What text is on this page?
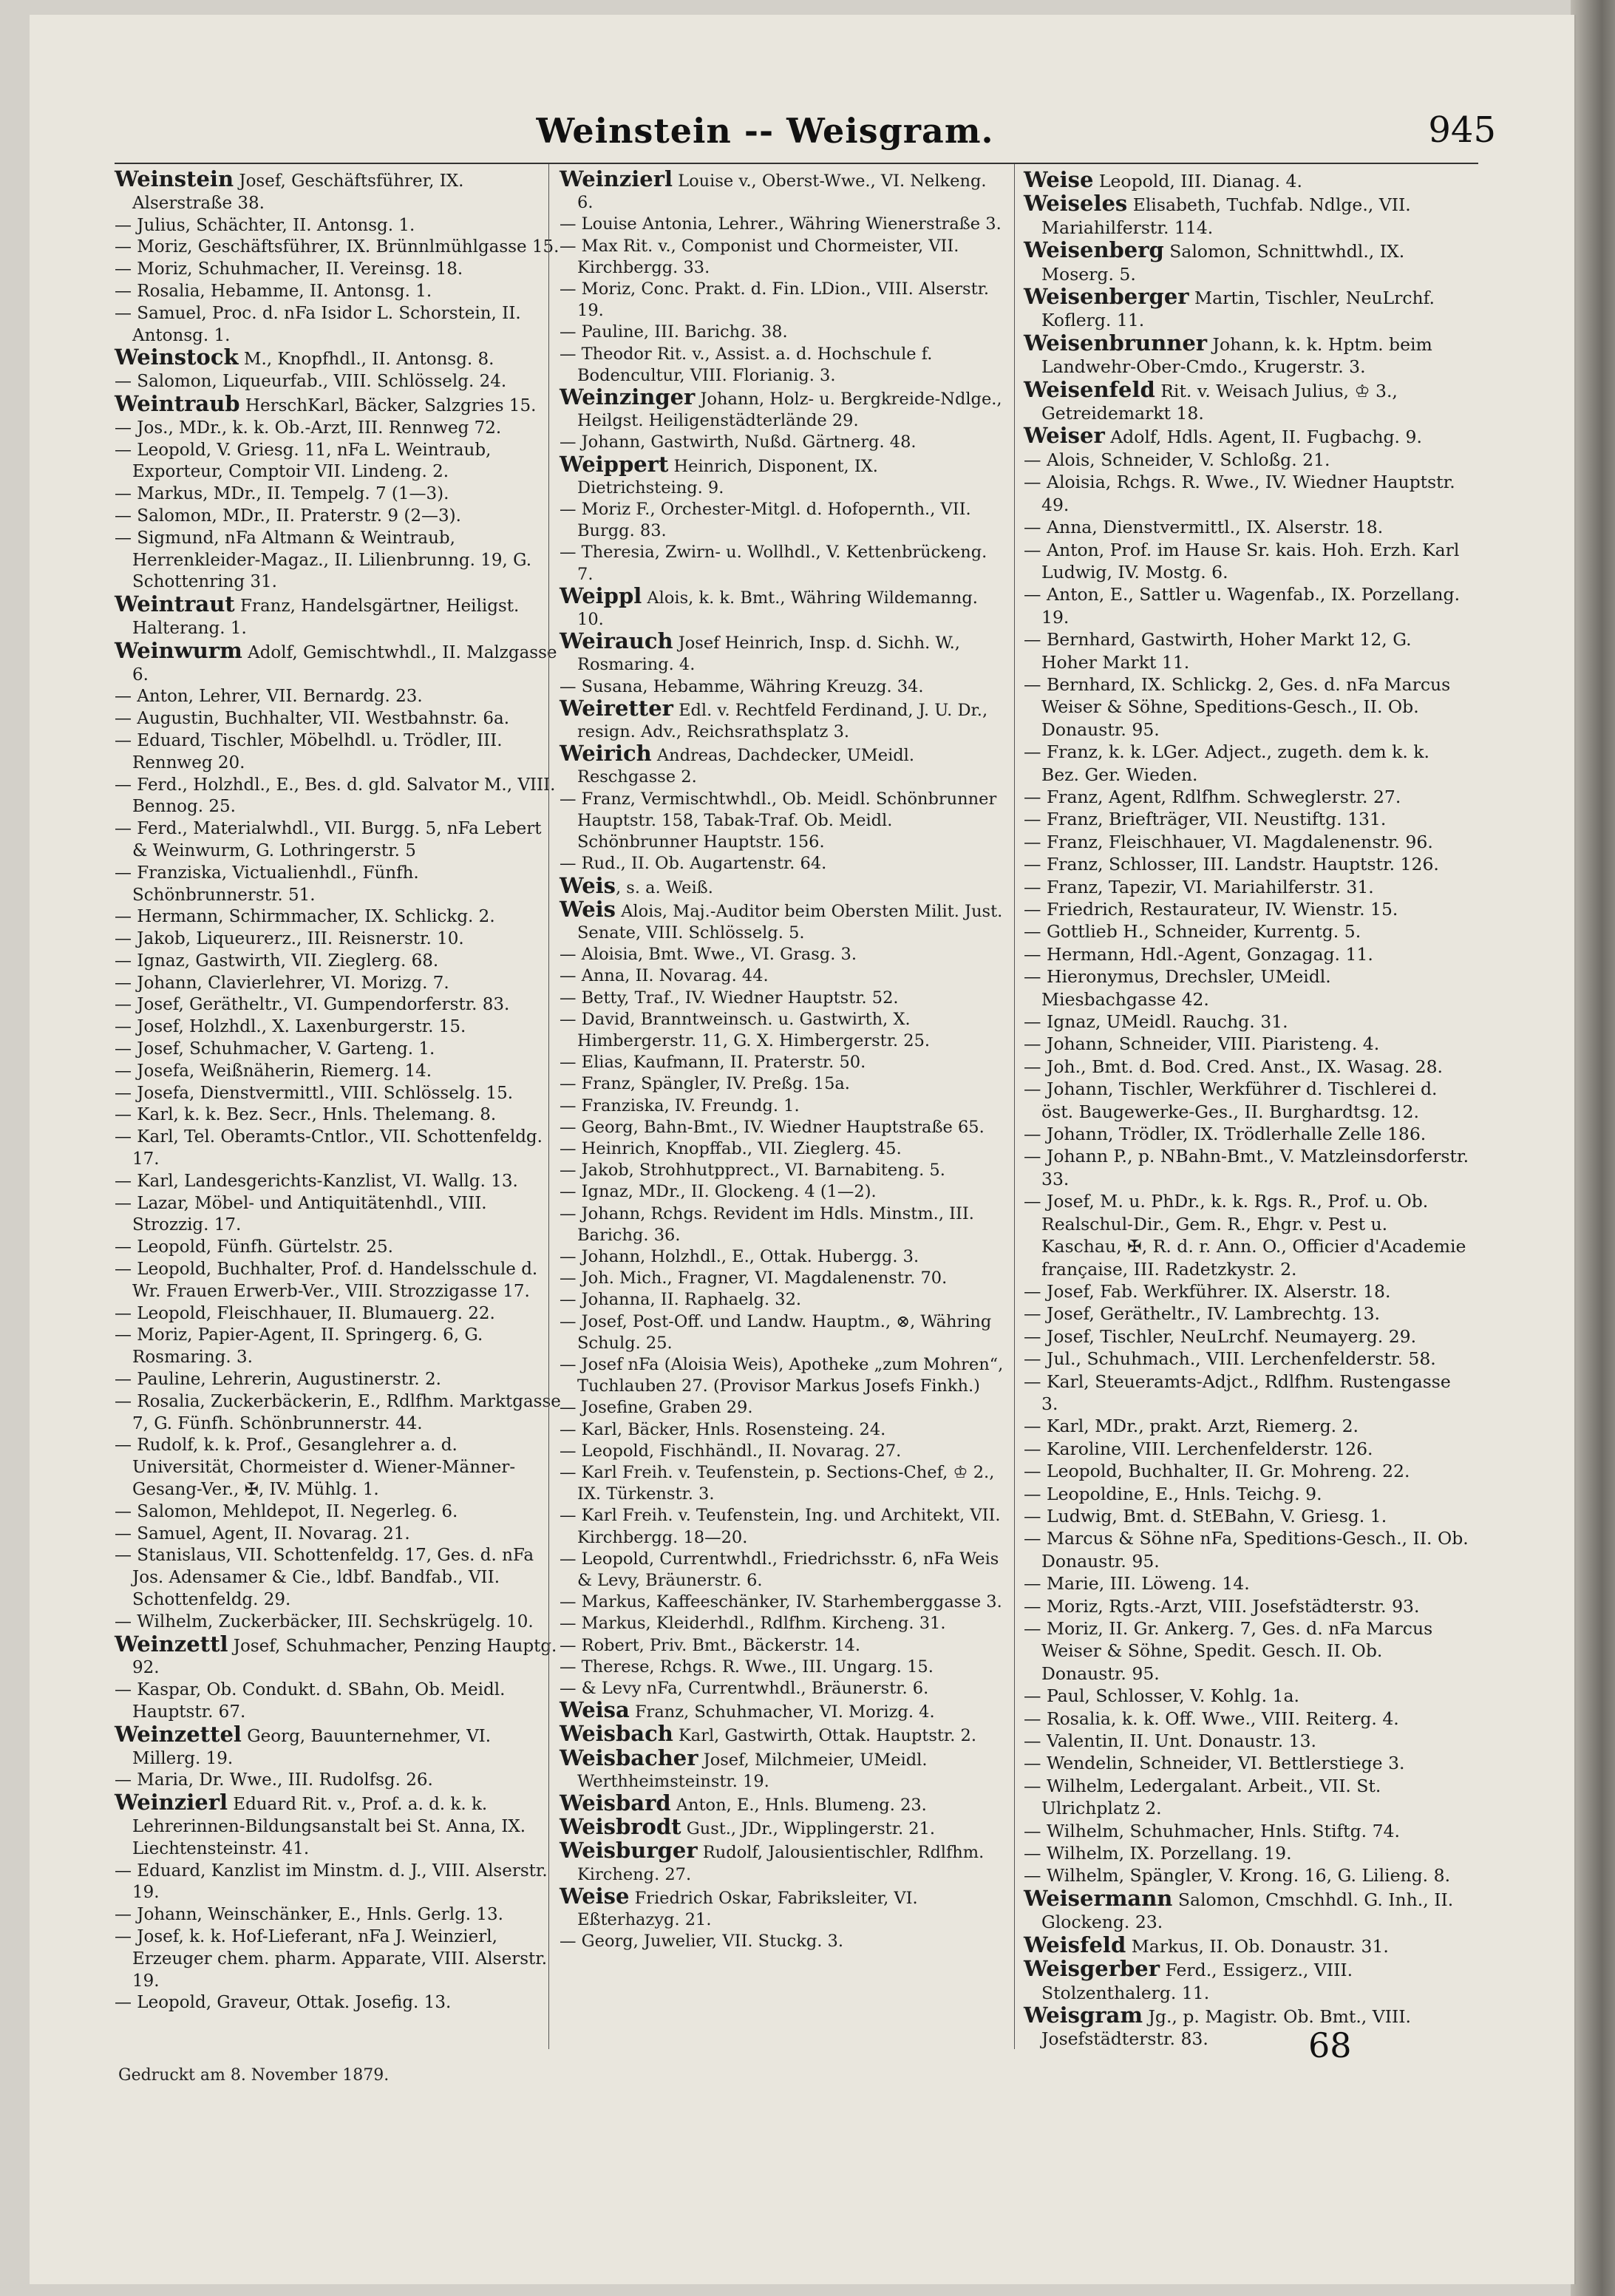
Weinstein -- Weisgram.	945

Weinstein Josef, Geschäftsführer, IX. Alserstraße 38.

— Julius, Schächter, II. Antonsg. 1.

— Moriz, Geschäftsführer, IX. Brünnlmühlgasse 15.

— Moriz, Schuhmacher, II. Vereinsg. 18.

— Rosalia, Hebamme, II. Antonsg. 1.

— Samuel, Proc. d. nFa Isidor L. Schorstein, II. Antonsg. 1.

Weinstock M., Knopfhdl., II. Antonsg. 8.

— Salomon, Liqueurfab., VIII. Schlösselg. 24.

Weintraub HerschKarl, Bäcker, Salzgries 15.

— Jos., MDr., k. k. Ob.-Arzt, III. Rennweg 72.

— Leopold, V. Griesg. 11, nFa L. Weintraub, Exporteur, Comptoir VII. Lindeng. 2.

— Markus, MDr., II. Tempelg. 7 (1—3).

— Salomon, MDr., II. Praterstr. 9 (2—3).

— Sigmund, nFa Altmann & Weintraub, Herrenkleider-Magaz., II. Lilienbrunng. 19, G. Schottenring 31.

Weintraut Franz, Handelsgärtner, Heiligst. Halterang. 1.

Weinwurm Adolf, Gemischtwhdl., II. Malzgasse 6.

— Anton, Lehrer, VII. Bernardg. 23.

— Augustin, Buchhalter, VII. Westbahnstr. 6a.

— Eduard, Tischler, Möbelhdl. u. Trödler, III. Rennweg 20.

— Ferd., Holzhdl., E., Bes. d. gld. Salvator M., VIII. Bennog. 25.

— Ferd., Materialwhdl., VII. Burgg. 5, nFa Lebert & Weinwurm, G. Lothringerstr. 5

— Franziska, Victualienhdl., Fünfh. Schönbrunnerstr. 51.

— Hermann, Schirmmacher, IX. Schlickg. 2.

— Jakob, Liqueurerz., III. Reisnerstr. 10.

— Ignaz, Gastwirth, VII. Zieglerg. 68.

— Johann, Clavierlehrer, VI. Morizg. 7.

— Josef, Gerätheltr., VI. Gumpendorferstr. 83.

— Josef, Holzhdl., X. Laxenburgerstr. 15.

— Josef, Schuhmacher, V. Garteng. 1.

— Josefa, Weißnäherin, Riemerg. 14.

— Josefa, Dienstvermittl., VIII. Schlösselg. 15.

— Karl, k. k. Bez. Secr., Hnls. Thelemang. 8.

— Karl, Tel. Oberamts-Cntlor., VII. Schottenfeldg. 17.

— Karl, Landesgerichts-Kanzlist, VI. Wallg. 13.

— Lazar, Möbel- und Antiquitätenhdl., VIII. Strozzig. 17.

— Leopold, Fünfh. Gürtelstr. 25.

— Leopold, Buchhalter, Prof. d. Handelsschule d. Wr. Frauen Erwerb-Ver., VIII. Strozzigasse 17.

— Leopold, Fleischhauer, II. Blumauerg. 22.

— Moriz, Papier-Agent, II. Springerg. 6, G. Rosmaring. 3.

— Pauline, Lehrerin, Augustinerstr. 2.

— Rosalia, Zuckerbäckerin, E., Rdlfhm. Marktgasse 7, G. Fünfh. Schönbrunnerstr. 44.

— Rudolf, k. k. Prof., Gesanglehrer a. d. Universität, Chormeister d. Wiener-Männer-Gesang-Ver., ✠, IV. Mühlg. 1.

— Salomon, Mehldepot, II. Negerleg. 6.

— Samuel, Agent, II. Novarag. 21.

— Stanislaus, VII. Schottenfeldg. 17, Ges. d. nFa Jos. Adensamer & Cie., ldbf. Bandfab., VII. Schottenfeldg. 29.

— Wilhelm, Zuckerbäcker, III. Sechskrügelg. 10.

Weinzettl Josef, Schuhmacher, Penzing Hauptg. 92.

— Kaspar, Ob. Condukt. d. SBahn, Ob. Meidl. Hauptstr. 67.

Weinzettel Georg, Bauunternehmer, VI. Millerg. 19.

— Maria, Dr. Wwe., III. Rudolfsg. 26.

Weinzierl Eduard Rit. v., Prof. a. d. k. k. Lehrerinnen-Bildungsanstalt bei St. Anna, IX. Liechtensteinstr. 41.

— Eduard, Kanzlist im Minstm. d. J., VIII. Alserstr. 19.

— Johann, Weinschänker, E., Hnls. Gerlg. 13.

— Josef, k. k. Hof-Lieferant, nFa J. Weinzierl, Erzeuger chem. pharm. Apparate, VIII. Alserstr. 19.

— Leopold, Graveur, Ottak. Josefig. 13.

Weinzierl Louise v., Oberst-Wwe., VI. Nelkeng. 6.

— Louise Antonia, Lehrer., Währing Wienerstraße 3.

— Max Rit. v., Componist und Chormeister, VII. Kirchbergg. 33.

— Moriz, Conc. Prakt. d. Fin. LDion., VIII. Alserstr. 19.

— Pauline, III. Barichg. 38.

— Theodor Rit. v., Assist. a. d. Hochschule f. Bodencultur, VIII. Florianig. 3.

Weinzinger Johann, Holz- u. Bergkreide-Ndlge., Heilgst. Heiligenstädterlände 29.

— Johann, Gastwirth, Nußd. Gärtnerg. 48.

Weippert Heinrich, Disponent, IX. Dietrichsteing. 9.

— Moriz F., Orchester-Mitgl. d. Hofopernth., VII. Burgg. 83.

— Theresia, Zwirn- u. Wollhdl., V. Kettenbrückeng. 7.

Weippl Alois, k. k. Bmt., Währing Wildemanng. 10.

Weirauch Josef Heinrich, Insp. d. Sichh. W., Rosmaring. 4.

— Susana, Hebamme, Währing Kreuzg. 34.

Weiretter Edl. v. Rechtfeld Ferdinand, J. U. Dr., resign. Adv., Reichsrathsplatz 3.

Weirich Andreas, Dachdecker, UMeidl. Reschgasse 2.

— Franz, Vermischtwhdl., Ob. Meidl. Schönbrunner Hauptstr. 158, Tabak-Traf. Ob. Meidl. Schönbrunner Hauptstr. 156.

— Rud., II. Ob. Augartenstr. 64.

Weis, s. a. Weiß.

Weis Alois, Maj.-Auditor beim Obersten Milit. Just. Senate, VIII. Schlösselg. 5.

— Aloisia, Bmt. Wwe., VI. Grasg. 3.

— Anna, II. Novarag. 44.

— Betty, Traf., IV. Wiedner Hauptstr. 52.

— David, Branntweinsch. u. Gastwirth, X. Himbergerstr. 11, G. X. Himbergerstr. 25.

— Elias, Kaufmann, II. Praterstr. 50.

— Franz, Spängler, IV. Preßg. 15a.

— Franziska, IV. Freundg. 1.

— Georg, Bahn-Bmt., IV. Wiedner Hauptstraße 65.

— Heinrich, Knopffab., VII. Zieglerg. 45.

— Jakob, Strohhutpprect., VI. Barnabiteng. 5.

— Ignaz, MDr., II. Glockeng. 4 (1—2).

— Johann, Rchgs. Revident im Hdls. Minstm., III. Barichg. 36.

— Johann, Holzhdl., E., Ottak. Hubergg. 3.

— Joh. Mich., Fragner, VI. Magdalenenstr. 70.

— Johanna, II. Raphaelg. 32.

— Josef, Post-Off. und Landw. Hauptm., ⊗, Währing Schulg. 25.

— Josef nFa (Aloisia Weis), Apotheke „zum Mohren“, Tuchlauben 27. (Provisor Markus Josefs Finkh.)

— Josefine, Graben 29.

— Karl, Bäcker, Hnls. Rosensteing. 24.

— Leopold, Fischhändl., II. Novarag. 27.

— Karl Freih. v. Teufenstein, p. Sections-Chef, ♔ 2., IX. Türkenstr. 3.

— Karl Freih. v. Teufenstein, Ing. und Architekt, VII. Kirchbergg. 18—20.

— Leopold, Currentwhdl., Friedrichsstr. 6, nFa Weis & Levy, Bräunerstr. 6.

— Markus, Kaffeeschänker, IV. Starhemberggasse 3.

— Markus, Kleiderhdl., Rdlfhm. Kircheng. 31.

— Robert, Priv. Bmt., Bäckerstr. 14.

— Therese, Rchgs. R. Wwe., III. Ungarg. 15.

— & Levy nFa, Currentwhdl., Bräunerstr. 6.

Weisa Franz, Schuhmacher, VI. Morizg. 4.

Weisbach Karl, Gastwirth, Ottak. Hauptstr. 2.

Weisbacher Josef, Milchmeier, UMeidl. Werthheimsteinstr. 19.

Weisbard Anton, E., Hnls. Blumeng. 23.

Weisbrodt Gust., JDr., Wipplingerstr. 21.

Weisburger Rudolf, Jalousientischler, Rdlfhm. Kircheng. 27.

Weise Friedrich Oskar, Fabriksleiter, VI. Eßterhazyg. 21.

— Georg, Juwelier, VII. Stuckg. 3.

Weise Leopold, III. Dianag. 4.

Weiseles Elisabeth, Tuchfab. Ndlge., VII. Mariahilferstr. 114.

Weisenberg Salomon, Schnittwhdl., IX. Moserg. 5.

Weisenberger Martin, Tischler, NeuLrchf. Koflerg. 11.

Weisenbrunner Johann, k. k. Hptm. beim Landwehr-Ober-Cmdo., Krugerstr. 3.

Weisenfeld Rit. v. Weisach Julius, ♔ 3., Getreidemarkt 18.

Weiser Adolf, Hdls. Agent, II. Fugbachg. 9.

— Alois, Schneider, V. Schloßg. 21.

— Aloisia, Rchgs. R. Wwe., IV. Wiedner Hauptstr. 49.

— Anna, Dienstvermittl., IX. Alserstr. 18.

— Anton, Prof. im Hause Sr. kais. Hoh. Erzh. Karl Ludwig, IV. Mostg. 6.

— Anton, E., Sattler u. Wagenfab., IX. Porzellang. 19.

— Bernhard, Gastwirth, Hoher Markt 12, G. Hoher Markt 11.

— Bernhard, IX. Schlickg. 2, Ges. d. nFa Marcus Weiser & Söhne, Speditions-Gesch., II. Ob. Donaustr. 95.

— Franz, k. k. LGer. Adject., zugeth. dem k. k. Bez. Ger. Wieden.

— Franz, Agent, Rdlfhm. Schweglerstr. 27.

— Franz, Briefträger, VII. Neustiftg. 131.

— Franz, Fleischhauer, VI. Magdalenenstr. 96.

— Franz, Schlosser, III. Landstr. Hauptstr. 126.

— Franz, Tapezir, VI. Mariahilferstr. 31.

— Friedrich, Restaurateur, IV. Wienstr. 15.

— Gottlieb H., Schneider, Kurrentg. 5.

— Hermann, Hdl.-Agent, Gonzagag. 11.

— Hieronymus, Drechsler, UMeidl. Miesbachgasse 42.

— Ignaz, UMeidl. Rauchg. 31.

— Johann, Schneider, VIII. Piaristeng. 4.

— Joh., Bmt. d. Bod. Cred. Anst., IX. Wasag. 28.

— Johann, Tischler, Werkführer d. Tischlerei d. öst. Baugewerke-Ges., II. Burghardtsg. 12.

— Johann, Trödler, IX. Trödlerhalle Zelle 186.

— Johann P., p. NBahn-Bmt., V. Matzleinsdorferstr. 33.

— Josef, M. u. PhDr., k. k. Rgs. R., Prof. u. Ob. Realschul-Dir., Gem. R., Ehgr. v. Pest u. Kaschau, ✠, R. d. r. Ann. O., Officier d'Academie française, III. Radetzkystr. 2.

— Josef, Fab. Werkführer. IX. Alserstr. 18.

— Josef, Gerätheltr., IV. Lambrechtg. 13.

— Josef, Tischler, NeuLrchf. Neumayerg. 29.

— Jul., Schuhmach., VIII. Lerchenfelderstr. 58.

— Karl, Steueramts-Adjct., Rdlfhm. Rustengasse 3.

— Karl, MDr., prakt. Arzt, Riemerg. 2.

— Karoline, VIII. Lerchenfelderstr. 126.

— Leopold, Buchhalter, II. Gr. Mohreng. 22.

— Leopoldine, E., Hnls. Teichg. 9.

— Ludwig, Bmt. d. StEBahn, V. Griesg. 1.

— Marcus & Söhne nFa, Speditions-Gesch., II. Ob. Donaustr. 95.

— Marie, III. Löweng. 14.

— Moriz, Rgts.-Arzt, VIII. Josefstädterstr. 93.

— Moriz, II. Gr. Ankerg. 7, Ges. d. nFa Marcus Weiser & Söhne, Spedit. Gesch. II. Ob. Donaustr. 95.

— Paul, Schlosser, V. Kohlg. 1a.

— Rosalia, k. k. Off. Wwe., VIII. Reiterg. 4.

— Valentin, II. Unt. Donaustr. 13.

— Wendelin, Schneider, VI. Bettlerstiege 3.

— Wilhelm, Ledergalant. Arbeit., VII. St. Ulrichplatz 2.

— Wilhelm, Schuhmacher, Hnls. Stiftg. 74.

— Wilhelm, IX. Porzellang. 19.

— Wilhelm, Spängler, V. Krong. 16, G. Lilieng. 8.

Weisermann Salomon, Cmschhdl. G. Inh., II. Glockeng. 23.

Weisfeld Markus, II. Ob. Donaustr. 31.

Weisgerber Ferd., Essigerz., VIII. Stolzenthalerg. 11.

Weisgram Jg., p. Magistr. Ob. Bmt., VIII. Josefstädterstr. 83.

Gedruckt am 8. November 1879.
68
